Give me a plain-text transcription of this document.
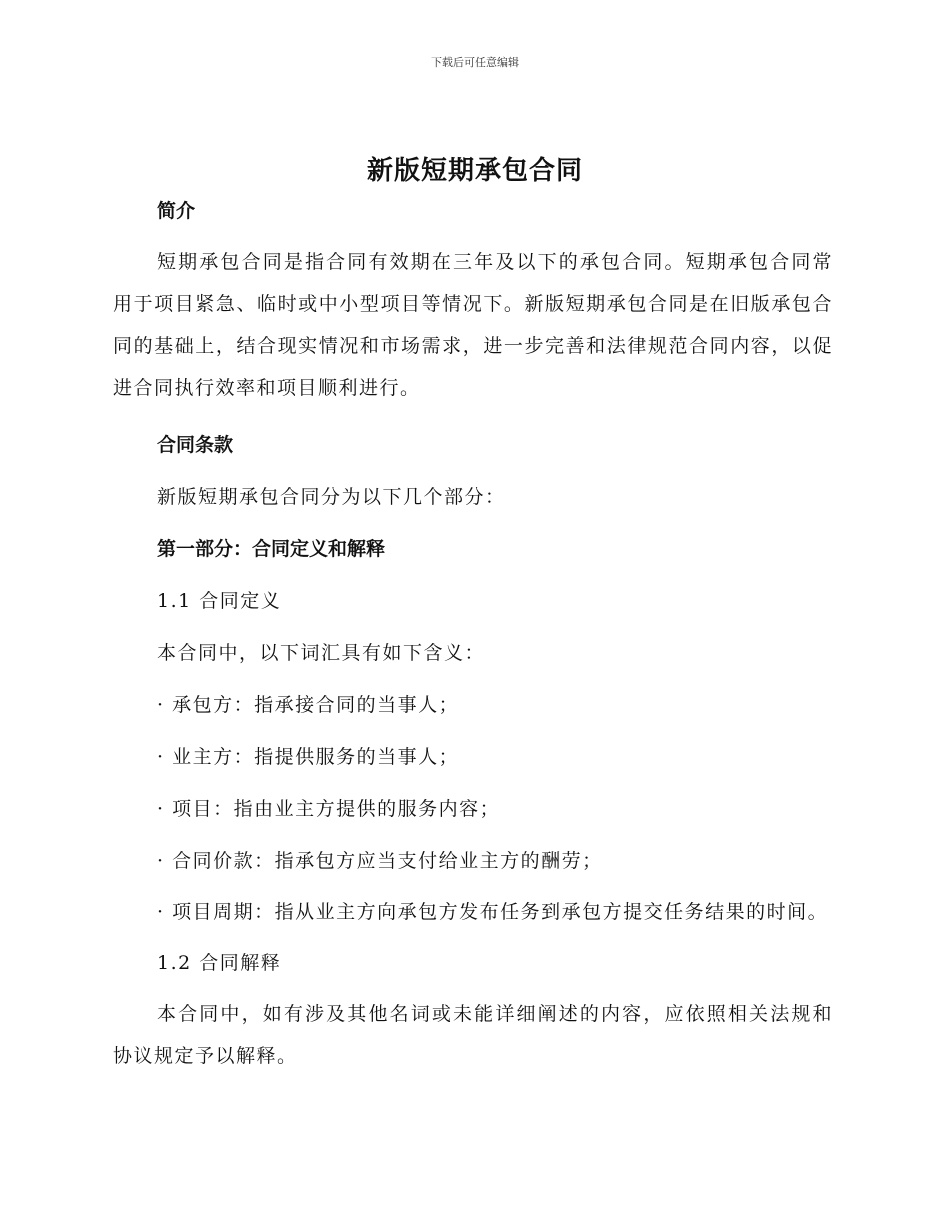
下载后可任意编辑
新版短期承包合同
简介
短期承包合同是指合同有效期在三年及以下的承包合同。短期承包合同常用于项目紧急、临时或中小型项目等情况下。新版短期承包合同是在旧版承包合同的基础上，结合现实情况和市场需求，进一步完善和法律规范合同内容，以促进合同执行效率和项目顺利进行。
合同条款
新版短期承包合同分为以下几个部分：
第一部分：合同定义和解释
1.1 合同定义
本合同中，以下词汇具有如下含义：
· 承包方：指承接合同的当事人；
· 业主方：指提供服务的当事人；
· 项目：指由业主方提供的服务内容；
· 合同价款：指承包方应当支付给业主方的酬劳；
· 项目周期：指从业主方向承包方发布任务到承包方提交任务结果的时间。
1.2 合同解释
本合同中，如有涉及其他名词或未能详细阐述的内容，应依照相关法规和协议规定予以解释。
